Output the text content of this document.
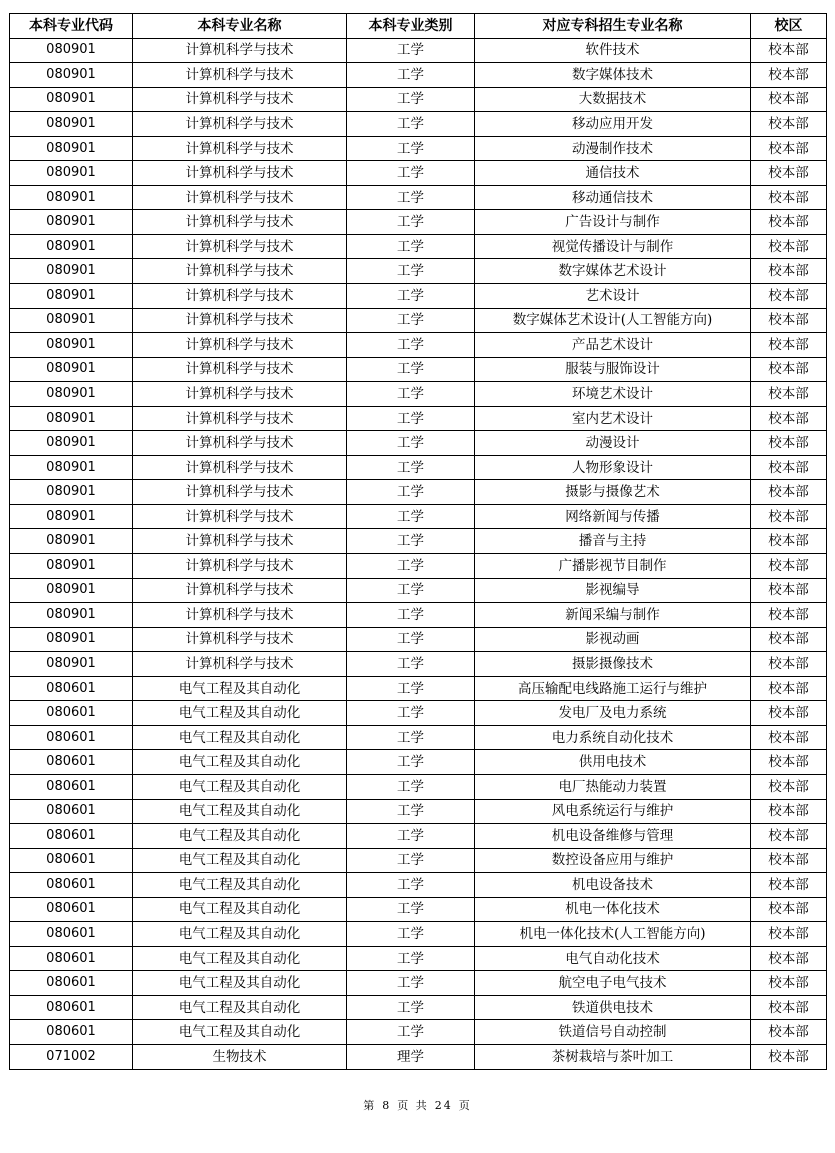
本科专业代码	本科专业名称	本科专业类别	对应专科招生专业名称	校区
080901	计算机科学与技术	工学	软件技术	校本部
080901	计算机科学与技术	工学	数字媒体技术	校本部
080901	计算机科学与技术	工学	大数据技术	校本部
080901	计算机科学与技术	工学	移动应用开发	校本部
080901	计算机科学与技术	工学	动漫制作技术	校本部
080901	计算机科学与技术	工学	通信技术	校本部
080901	计算机科学与技术	工学	移动通信技术	校本部
080901	计算机科学与技术	工学	广告设计与制作	校本部
080901	计算机科学与技术	工学	视觉传播设计与制作	校本部
080901	计算机科学与技术	工学	数字媒体艺术设计	校本部
080901	计算机科学与技术	工学	艺术设计	校本部
080901	计算机科学与技术	工学	数字媒体艺术设计(人工智能方向)	校本部
080901	计算机科学与技术	工学	产品艺术设计	校本部
080901	计算机科学与技术	工学	服装与服饰设计	校本部
080901	计算机科学与技术	工学	环境艺术设计	校本部
080901	计算机科学与技术	工学	室内艺术设计	校本部
080901	计算机科学与技术	工学	动漫设计	校本部
080901	计算机科学与技术	工学	人物形象设计	校本部
080901	计算机科学与技术	工学	摄影与摄像艺术	校本部
080901	计算机科学与技术	工学	网络新闻与传播	校本部
080901	计算机科学与技术	工学	播音与主持	校本部
080901	计算机科学与技术	工学	广播影视节目制作	校本部
080901	计算机科学与技术	工学	影视编导	校本部
080901	计算机科学与技术	工学	新闻采编与制作	校本部
080901	计算机科学与技术	工学	影视动画	校本部
080901	计算机科学与技术	工学	摄影摄像技术	校本部
080601	电气工程及其自动化	工学	高压输配电线路施工运行与维护	校本部
080601	电气工程及其自动化	工学	发电厂及电力系统	校本部
080601	电气工程及其自动化	工学	电力系统自动化技术	校本部
080601	电气工程及其自动化	工学	供用电技术	校本部
080601	电气工程及其自动化	工学	电厂热能动力装置	校本部
080601	电气工程及其自动化	工学	风电系统运行与维护	校本部
080601	电气工程及其自动化	工学	机电设备维修与管理	校本部
080601	电气工程及其自动化	工学	数控设备应用与维护	校本部
080601	电气工程及其自动化	工学	机电设备技术	校本部
080601	电气工程及其自动化	工学	机电一体化技术	校本部
080601	电气工程及其自动化	工学	机电一体化技术(人工智能方向)	校本部
080601	电气工程及其自动化	工学	电气自动化技术	校本部
080601	电气工程及其自动化	工学	航空电子电气技术	校本部
080601	电气工程及其自动化	工学	铁道供电技术	校本部
080601	电气工程及其自动化	工学	铁道信号自动控制	校本部
071002	生物技术	理学	茶树栽培与茶叶加工	校本部
第 8 页 共 24 页
